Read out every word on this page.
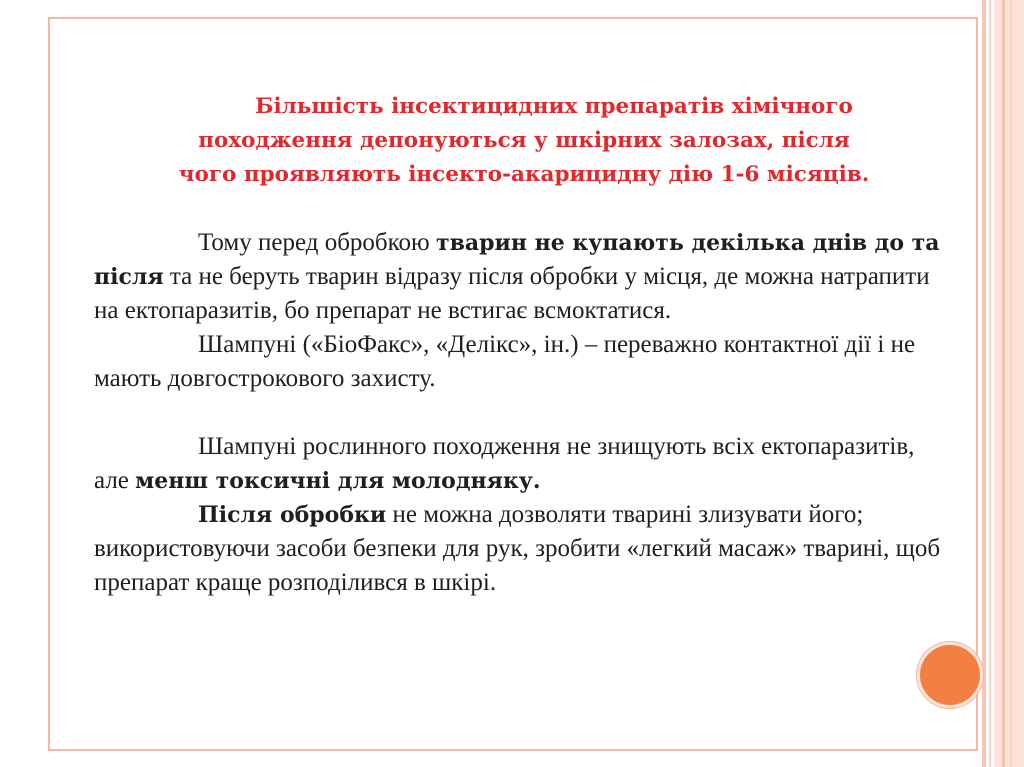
Більшість інсектицидних препаратів хімічного
походження депонуються у шкірних залозах, після
чого проявляють інсекто-акарицидну дію 1-6 місяців.

Тому перед обробкою тварин не купають декілька днів до та після та не беруть тварин відразу після обробки у місця, де можна натрапити на ектопаразитів, бо препарат не встигає всмоктатися.

Шампуні («БіоФакс», «Делікс», ін.) – переважно контактної дії і не мають довгострокового захисту.

Шампуні рослинного походження не знищують всіх ектопаразитів, але менш токсичні для молодняку.

Після обробки не можна дозволяти тварині злизувати його;

використовуючи засоби безпеки для рук, зробити «легкий масаж» тварині, щоб препарат краще розподілився в шкірі.
